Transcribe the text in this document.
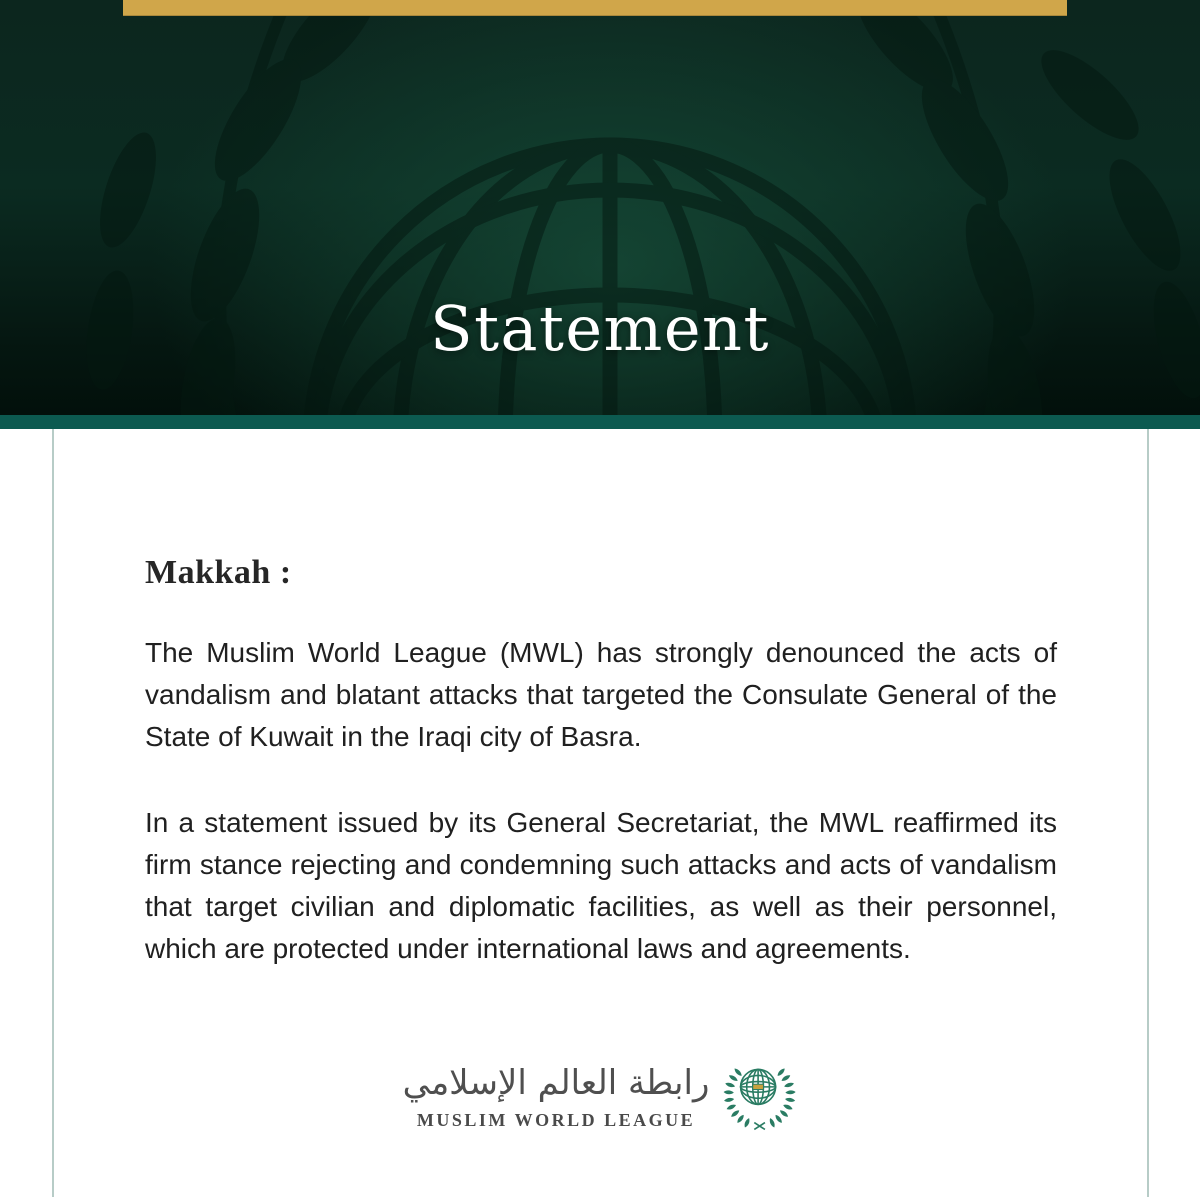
Statement
Makkah :

The Muslim World League (MWL) has strongly denounced the acts of
vandalism and blatant attacks that targeted the Consulate General of the
State of Kuwait in the Iraqi city of Basra.

In a statement issued by its General Secretariat, the MWL reaffirmed its
firm stance rejecting and condemning such attacks and acts of vandalism
that target civilian and diplomatic facilities, as well as their personnel,
which are protected under international laws and agreements.

رابطة العالم الإسلامي
MUSLIM WORLD LEAGUE
